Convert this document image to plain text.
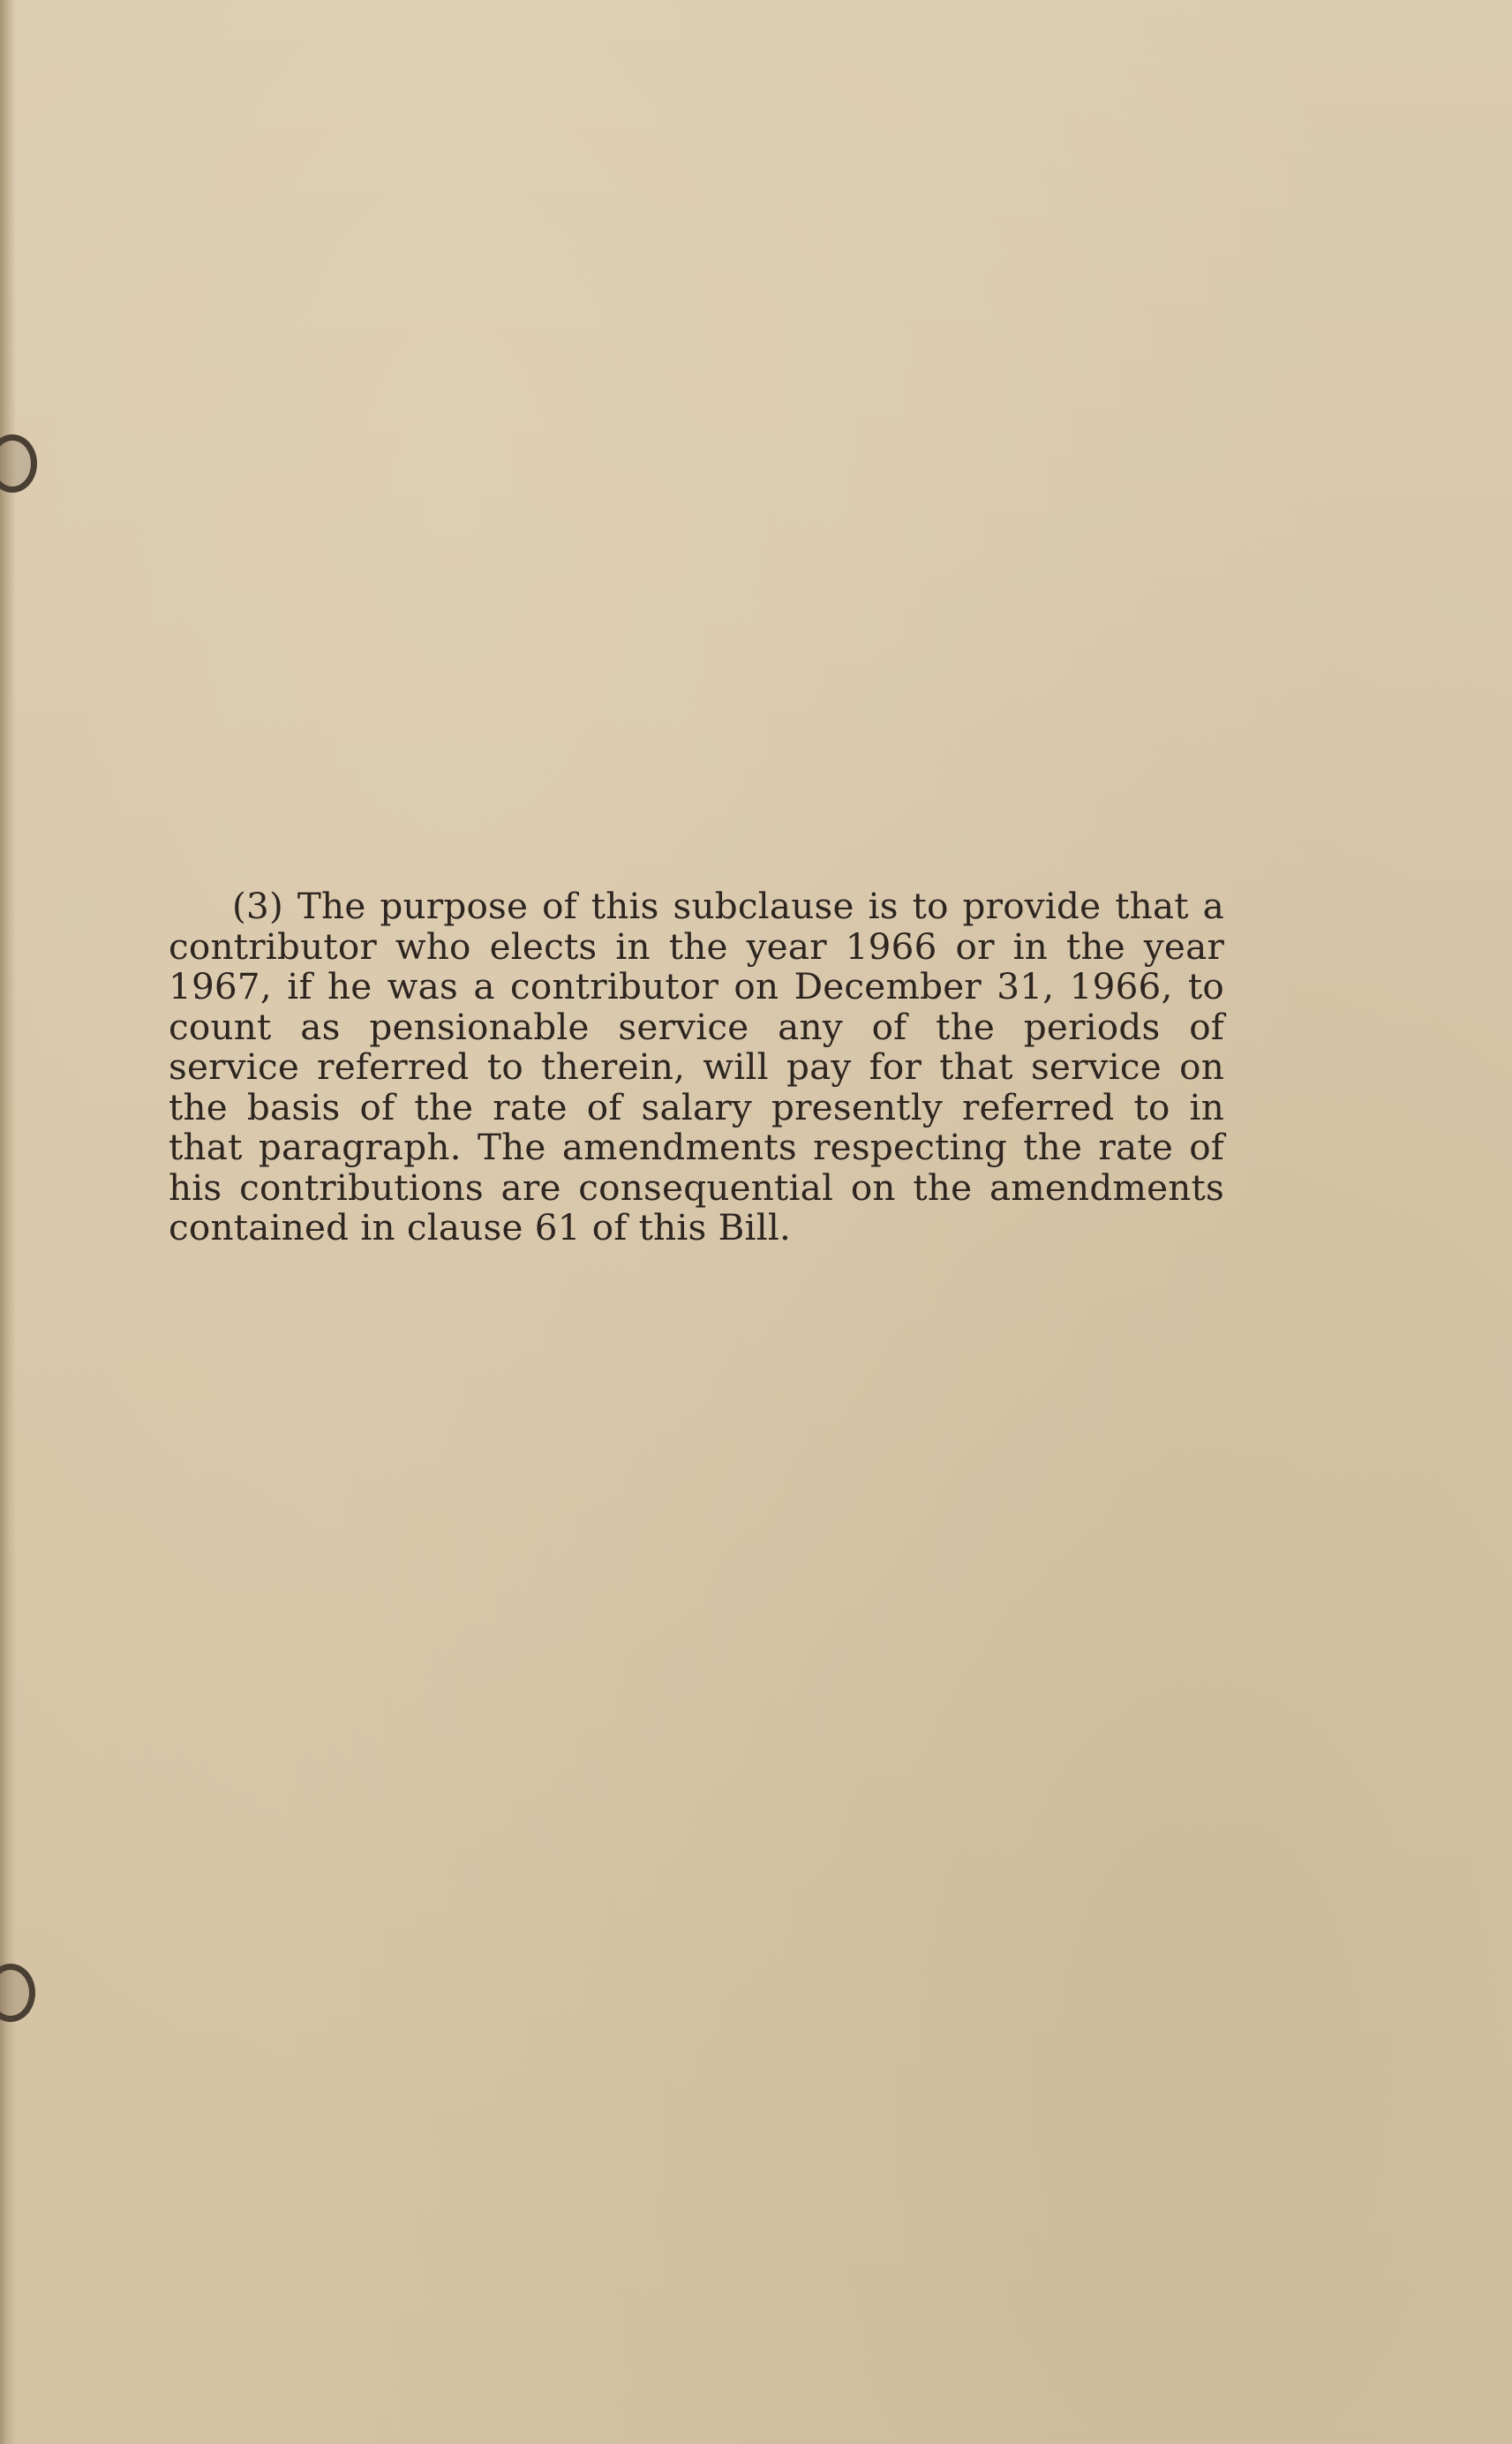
(3) The purpose of this subclause is to provide that a contributor who elects in the year 1966 or in the year 1967, if he was a contributor on December 31, 1966, to count as pensionable service any of the periods of service referred to therein, will pay for that service on the basis of the rate of salary presently referred to in that paragraph. The amendments respecting the rate of his contributions are consequential on the amendments contained in clause 61 of this Bill.
